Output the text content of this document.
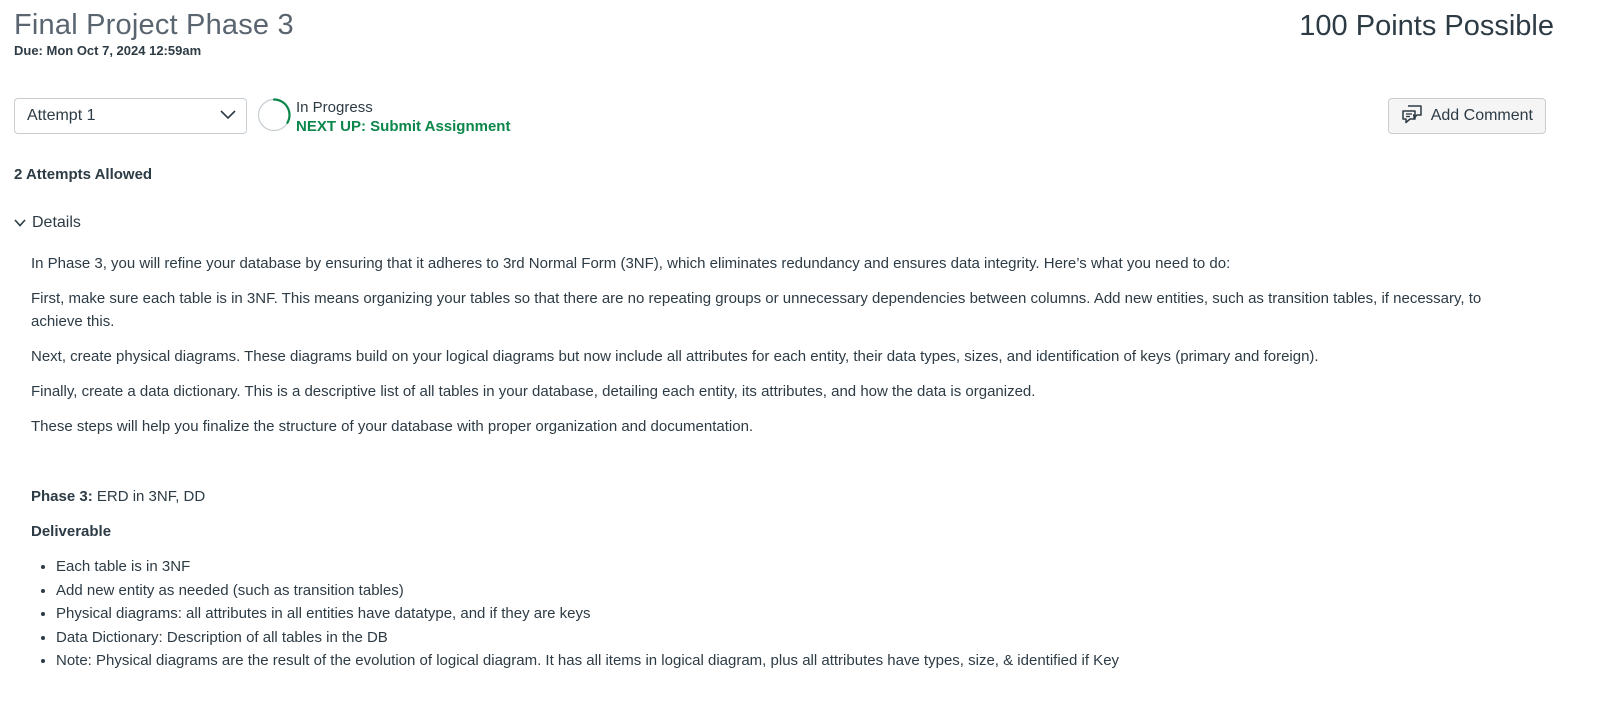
Final Project Phase 3
Due: Mon Oct 7, 2024 12:59am
100 Points Possible
Attempt 1	In Progress
NEXT UP: Submit Assignment
Add Comment
2 Attempts Allowed
Details

In Phase 3, you will refine your database by ensuring that it adheres to 3rd Normal Form (3NF), which eliminates redundancy and ensures data integrity. Here’s what you need to do:

First, make sure each table is in 3NF. This means organizing your tables so that there are no repeating groups or unnecessary dependencies between columns. Add new entities, such as transition tables, if necessary, to achieve this.

Next, create physical diagrams. These diagrams build on your logical diagrams but now include all attributes for each entity, their data types, sizes, and identification of keys (primary and foreign).

Finally, create a data dictionary. This is a descriptive list of all tables in your database, detailing each entity, its attributes, and how the data is organized.

These steps will help you finalize the structure of your database with proper organization and documentation.

Phase 3: ERD in 3NF, DD

Deliverable

• Each table is in 3NF
• Add new entity as needed (such as transition tables)
• Physical diagrams: all attributes in all entities have datatype, and if they are keys
• Data Dictionary: Description of all tables in the DB
• Note: Physical diagrams are the result of the evolution of logical diagram. It has all items in logical diagram, plus all attributes have types, size, & identified if Key
